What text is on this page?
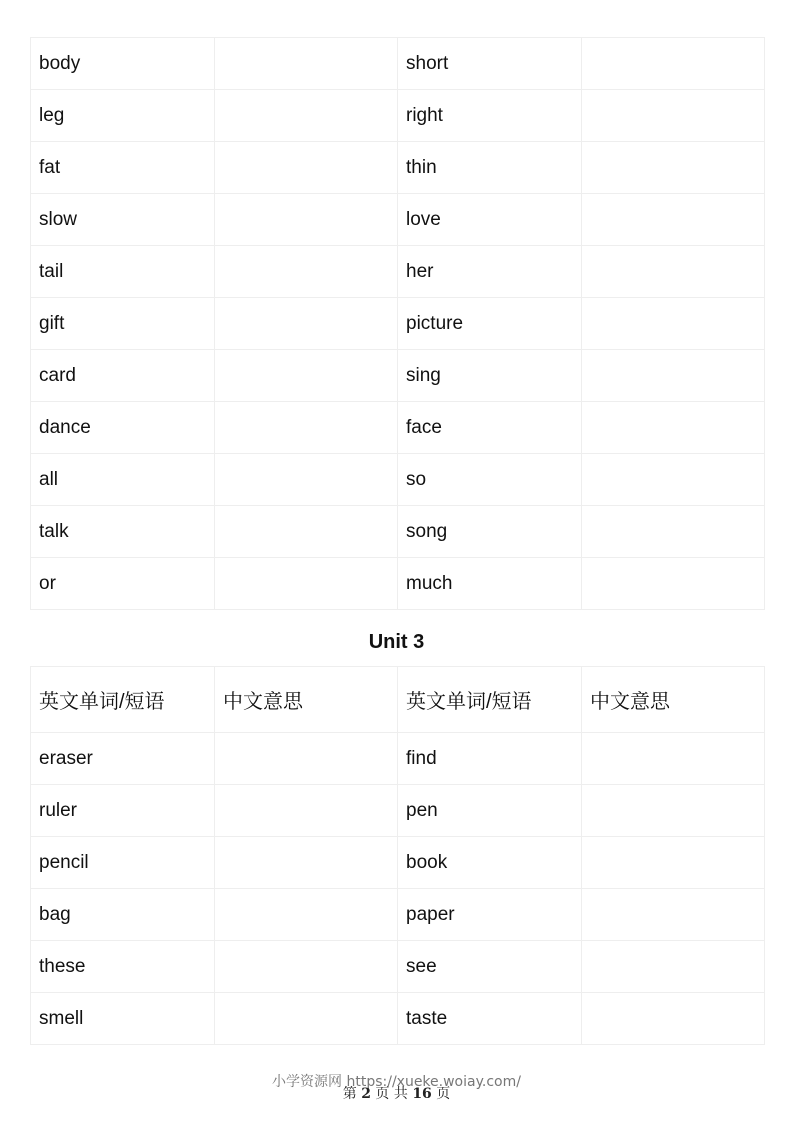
body		short	
leg		right	
fat		thin	
slow		love	
tail		her	
gift		picture	
card		sing	
dance		face	
all		so	
talk		song	
or		much	
Unit 3
英文单词/短语	中文意思	英文单词/短语	中文意思
eraser		find	
ruler		pen	
pencil		book	
bag		paper	
these		see	
smell		taste	
小学资源网 https://xueke.woiay.com/
第 2 页 共 16 页
